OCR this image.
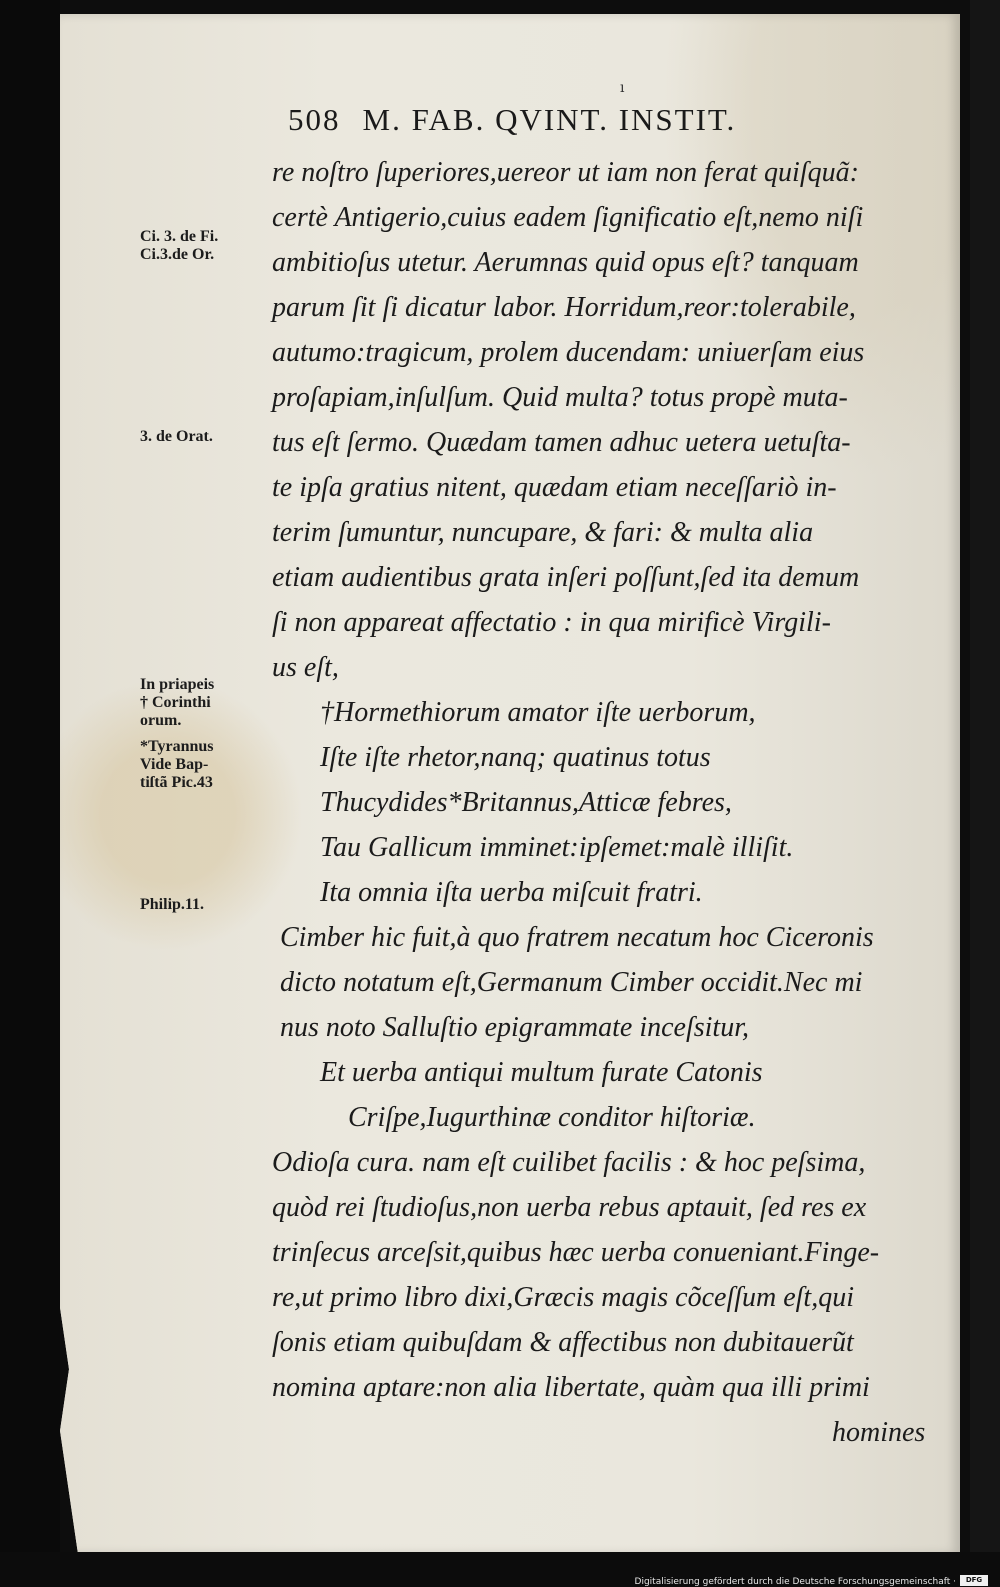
ı
508 M. FAB. QVINT. INSTIT.
Ci. 3. de Fi.
Ci.3.de Or.
3. de Orat.
In priapeis
† Corinthi
orum.
*Tyrannus
Vide Bap-
tiſtã Pic.43
Philip.11.
re noſtro ſuperiores,uereor ut iam non ferat quiſquã:
certè Antigerio,cuius eadem ſignificatio eſt,nemo niſi
ambitioſus utetur. Aerumnas quid opus eſt? tanquam
parum ſit ſi dicatur labor. Horridum,reor:tolerabile,
autumo:tragicum, prolem ducendam: uniuerſam eius
proſapiam,inſulſum. Quid multa? totus propè muta-
tus eſt ſermo. Quædam tamen adhuc uetera uetuſta-
te ipſa gratius nitent, quædam etiam neceſſariò in-
terim ſumuntur, nuncupare, & fari: & multa alia
etiam audientibus grata inſeri poſſunt,ſed ita demum
ſi non appareat affectatio : in qua mirificè Virgili-
us eſt,
†Hormethiorum amator iſte uerborum,
Iſte iſte rhetor,nanq; quatinus totus
Thucydides*Britannus,Atticæ febres,
Tau Gallicum imminet:ipſemet:malè illiſit.
Ita omnia iſta uerba miſcuit fratri.
Cimber hic fuit,à quo fratrem necatum hoc Ciceronis
dicto notatum eſt,Germanum Cimber occidit.Nec mi
nus noto Salluſtio epigrammate inceſsitur,
Et uerba antiqui multum furate Catonis
Criſpe,Iugurthinæ conditor hiſtoriæ.
Odioſa cura. nam eſt cuilibet facilis : & hoc peſsima,
quòd rei ſtudioſus,non uerba rebus aptauit, ſed res ex
trinſecus arceſsit,quibus hæc uerba conueniant.Finge-
re,ut primo libro dixi,Græcis magis cõceſſum eſt,qui
ſonis etiam quibuſdam & affectibus non dubitauerũt
nomina aptare:non alia libertate, quàm qua illi primi
homines
Digitalisierung gefördert durch die Deutsche Forschungsgemeinschaft ·	DFG
